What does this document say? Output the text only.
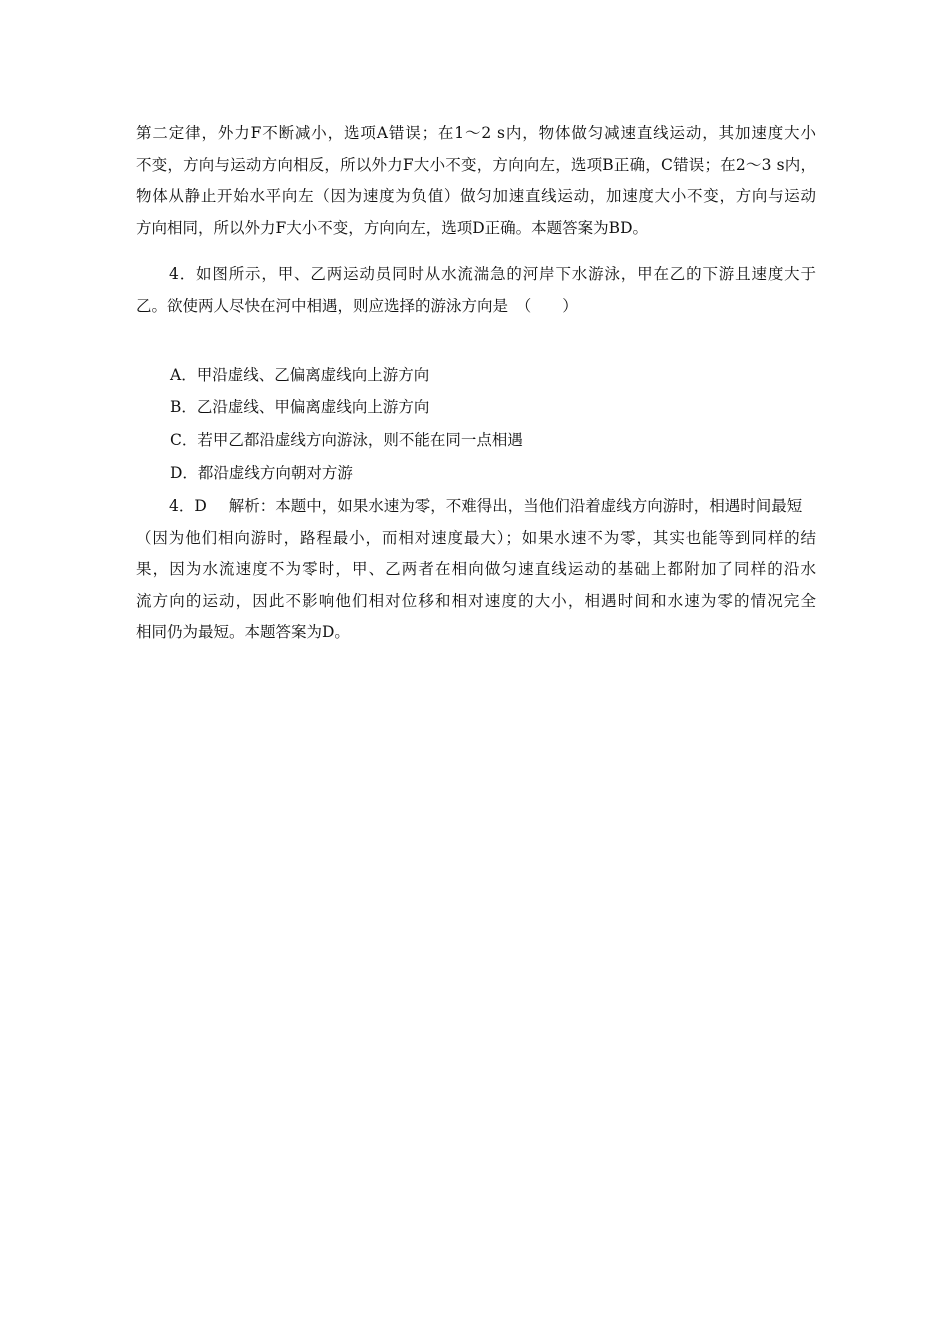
第二定律，外力F不断减小，选项A错误；在1～2 s内，物体做匀减速直线运动，其加速度大小
不变，方向与运动方向相反，所以外力F大小不变，方向向左，选项B正确，C错误；在2～3 s内，
物体从静止开始水平向左（因为速度为负值）做匀加速直线运动，加速度大小不变，方向与运动
方向相同，所以外力F大小不变，方向向左，选项D正确。本题答案为BD。
4．如图所示，甲、乙两运动员同时从水流湍急的河岸下水游泳，甲在乙的下游且速度大于
乙。欲使两人尽快在河中相遇，则应选择的游泳方向是　（　　）
A．甲沿虚线、乙偏离虚线向上游方向
B．乙沿虚线、甲偏离虚线向上游方向
C．若甲乙都沿虚线方向游泳，则不能在同一点相遇
D．都沿虚线方向朝对方游
4．D 解析：本题中，如果水速为零，不难得出，当他们沿着虚线方向游时，相遇时间最短
（因为他们相向游时，路程最小，而相对速度最大）；如果水速不为零，其实也能等到同样的结
果，因为水流速度不为零时，甲、乙两者在相向做匀速直线运动的基础上都附加了同样的沿水
流方向的运动，因此不影响他们相对位移和相对速度的大小，相遇时间和水速为零的情况完全
相同仍为最短。本题答案为D。
